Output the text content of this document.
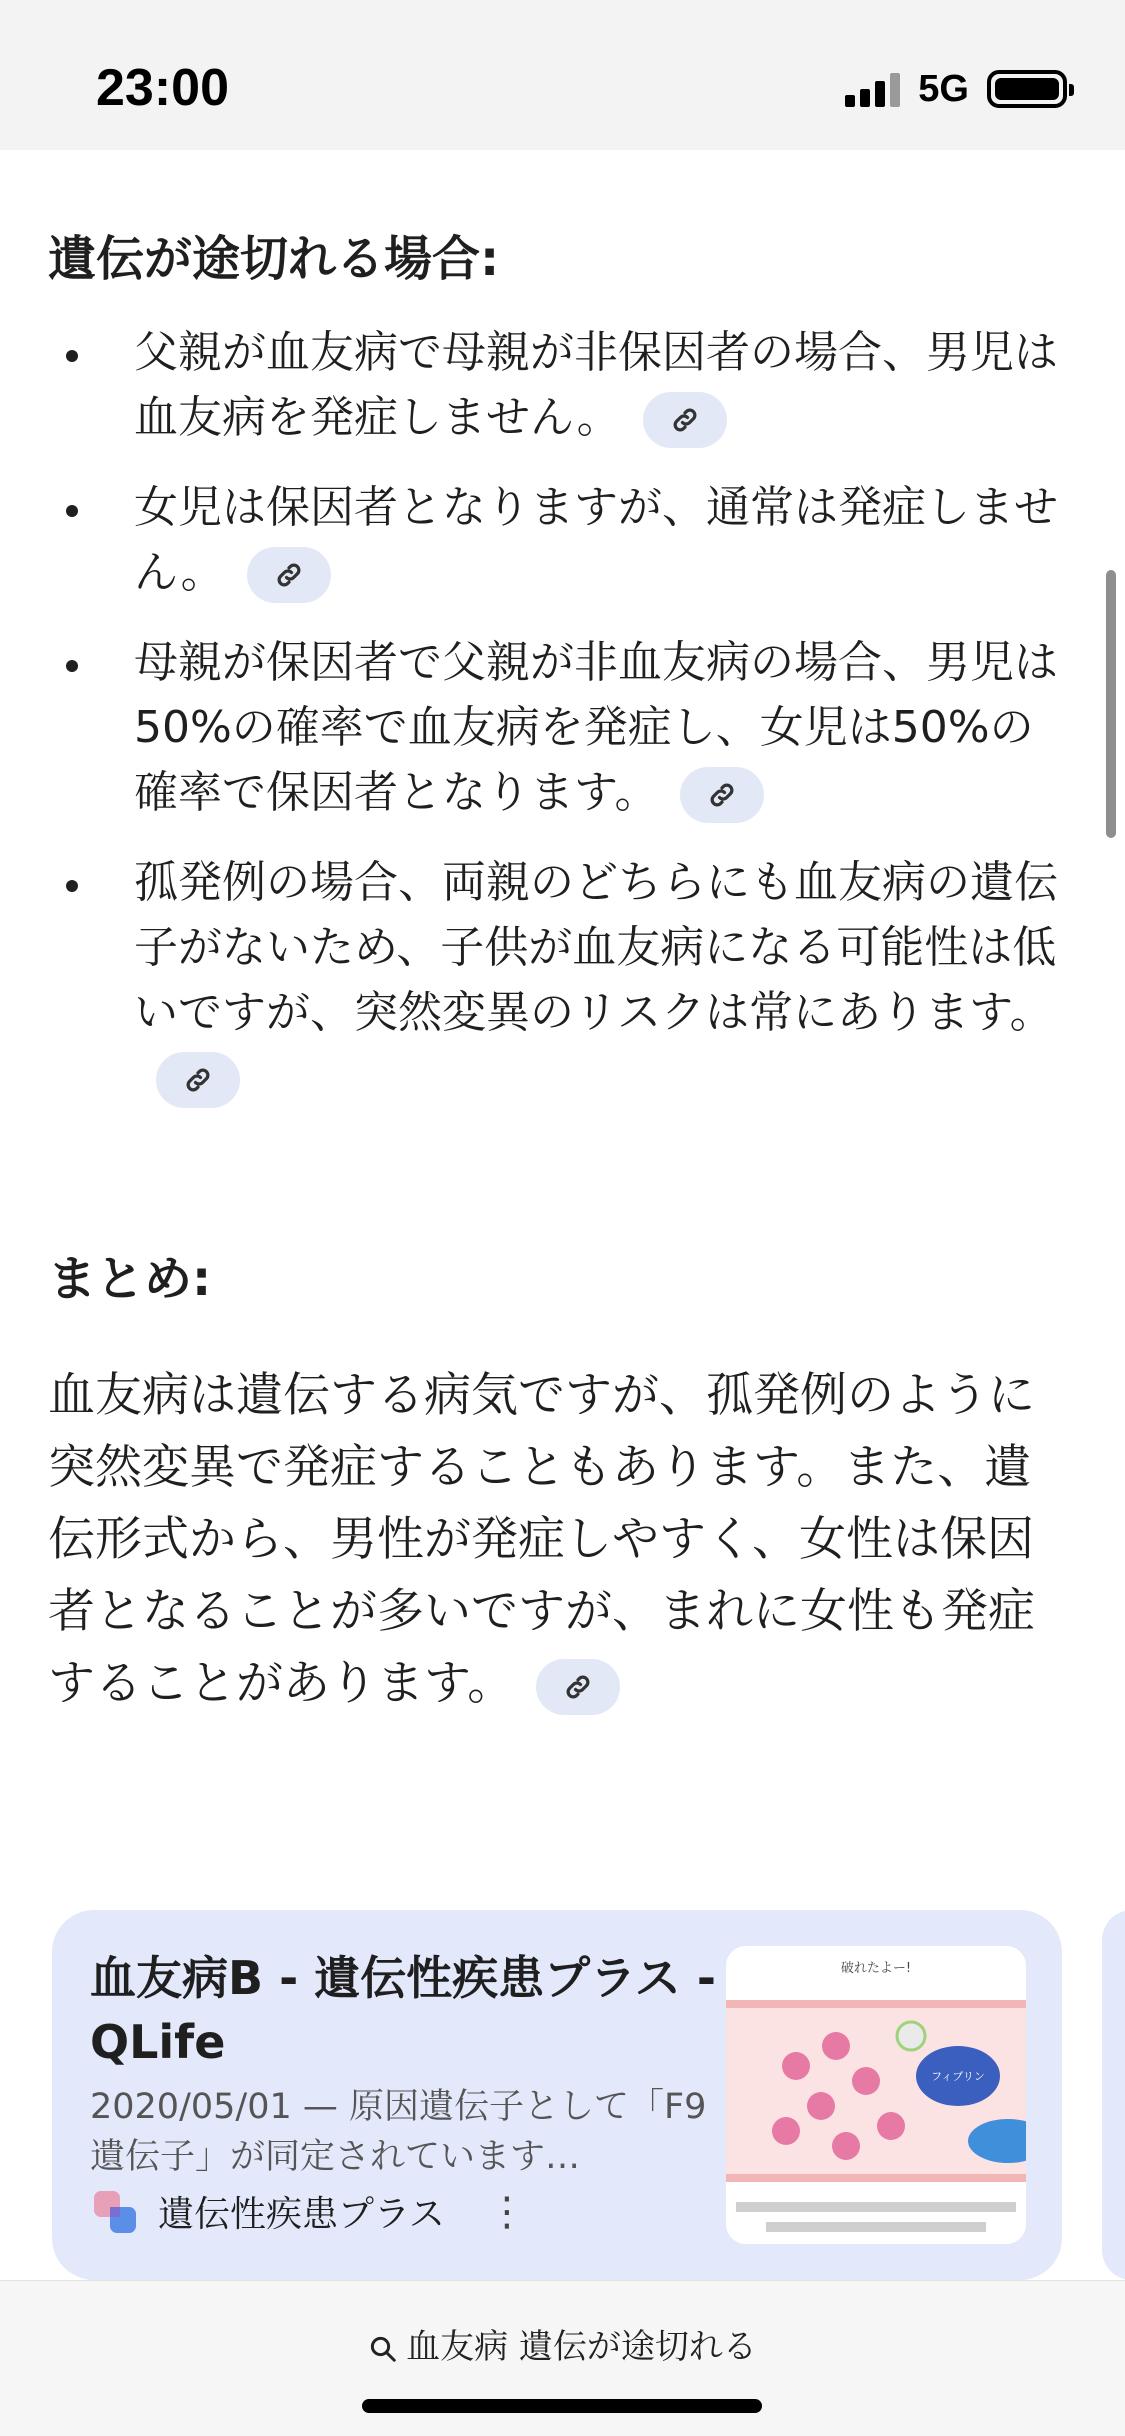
23:00	5G
遺伝が途切れる場合:
父親が血友病で母親が非保因者の場合、男児は血友病を発症しません。
女児は保因者となりますが、通常は発症しません。
母親が保因者で父親が非血友病の場合、男児は50%の確率で血友病を発症し、女児は50%の確率で保因者となります。
孤発例の場合、両親のどちらにも血友病の遺伝子がないため、子供が血友病になる可能性は低いですが、突然変異のリスクは常にあります。
まとめ:
血友病は遺伝する病気ですが、孤発例のように突然変異で発症することもあります。また、遺伝形式から、男性が発症しやすく、女性は保因者となることが多いですが、まれに女性も発症することがあります。
血友病B - 遺伝性疾患プラス - QLife
2020/05/01 — 原因遺伝子として「F9遺伝子」が同定されています…
遺伝性疾患プラス ⋮
破れたよー!
フィブリン
血友病 遺伝が途切れる
